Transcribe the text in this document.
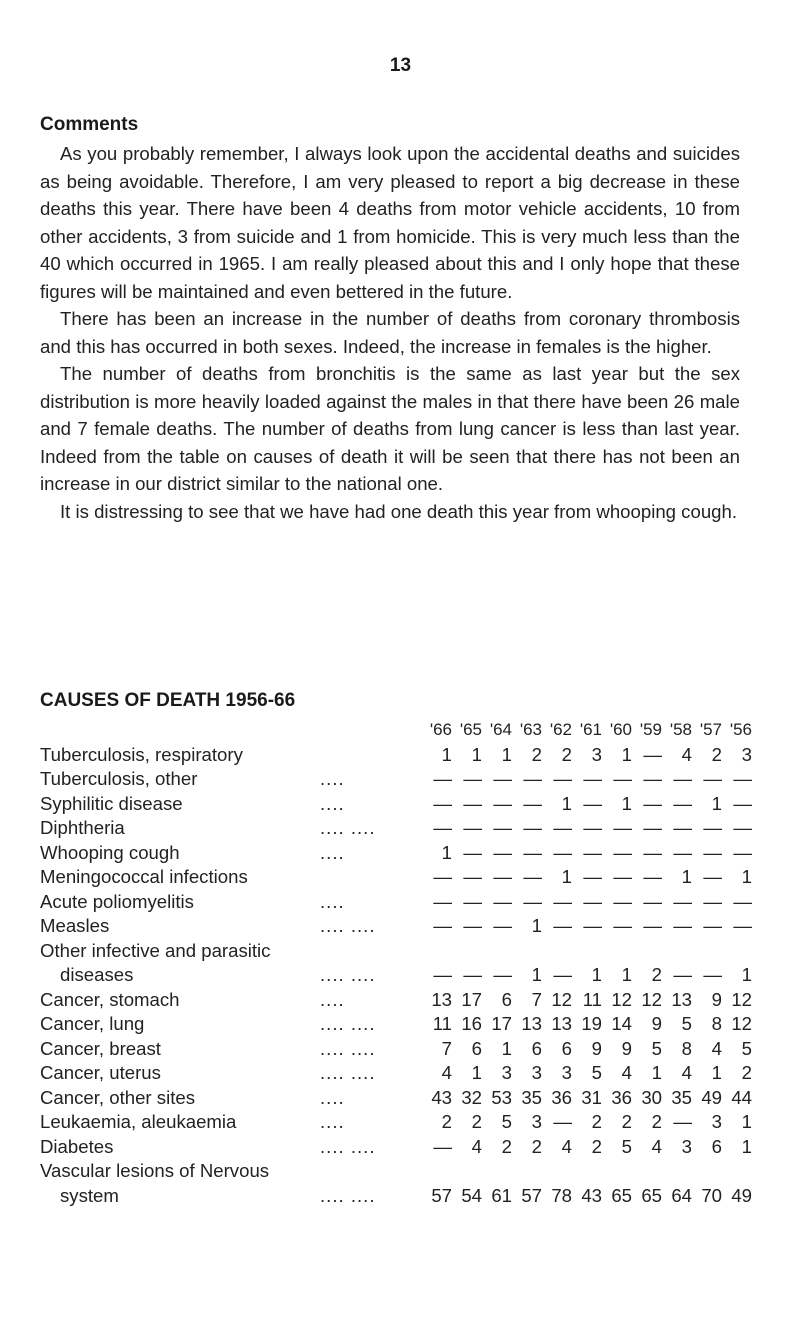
13
Comments

As you probably remember, I always look upon the accidental deaths and suicides as being avoidable. Therefore, I am very pleased to report a big decrease in these deaths this year. There have been 4 deaths from motor vehicle accidents, 10 from other accidents, 3 from suicide and 1 from homicide. This is very much less than the 40 which occurred in 1965. I am really pleased about this and I only hope that these figures will be maintained and even bettered in the future.

There has been an increase in the number of deaths from coronary thrombosis and this has occurred in both sexes. Indeed, the increase in females is the higher.

The number of deaths from bronchitis is the same as last year but the sex distribution is more heavily loaded against the males in that there have been 26 male and 7 female deaths. The number of deaths from lung cancer is less than last year. Indeed from the table on causes of death it will be seen that there has not been an increase in our district similar to the national one.

It is distressing to see that we have had one death this year from whooping cough.

CAUSES OF DEATH 1956-66
		'66	'65	'64	'63	'62	'61	'60	'59	'58	'57	'56
Tuberculosis, respiratory		1	1	1	2	2	3	1	—	4	2	3
Tuberculosis, other	....	—	—	—	—	—	—	—	—	—	—	—
Syphilitic disease	....	—	—	—	—	1	—	1	—	—	1	—
Diphtheria	.... ....	—	—	—	—	—	—	—	—	—	—	—
Whooping cough	....	1	—	—	—	—	—	—	—	—	—	—
Meningococcal infections		—	—	—	—	1	—	—	—	1	—	1
Acute poliomyelitis	....	—	—	—	—	—	—	—	—	—	—	—
Measles	.... ....	—	—	—	1	—	—	—	—	—	—	—
Other infective and parasitic												
diseases	.... ....	—	—	—	1	—	1	1	2	—	—	1
Cancer, stomach	....	13	17	6	7	12	11	12	12	13	9	12
Cancer, lung	.... ....	11	16	17	13	13	19	14	9	5	8	12
Cancer, breast	.... ....	7	6	1	6	6	9	9	5	8	4	5
Cancer, uterus	.... ....	4	1	3	3	3	5	4	1	4	1	2
Cancer, other sites	....	43	32	53	35	36	31	36	30	35	49	44
Leukaemia, aleukaemia	....	2	2	5	3	—	2	2	2	—	3	1
Diabetes	.... ....	—	4	2	2	4	2	5	4	3	6	1
Vascular lesions of Nervous												
system	.... ....	57	54	61	57	78	43	65	65	64	70	49
